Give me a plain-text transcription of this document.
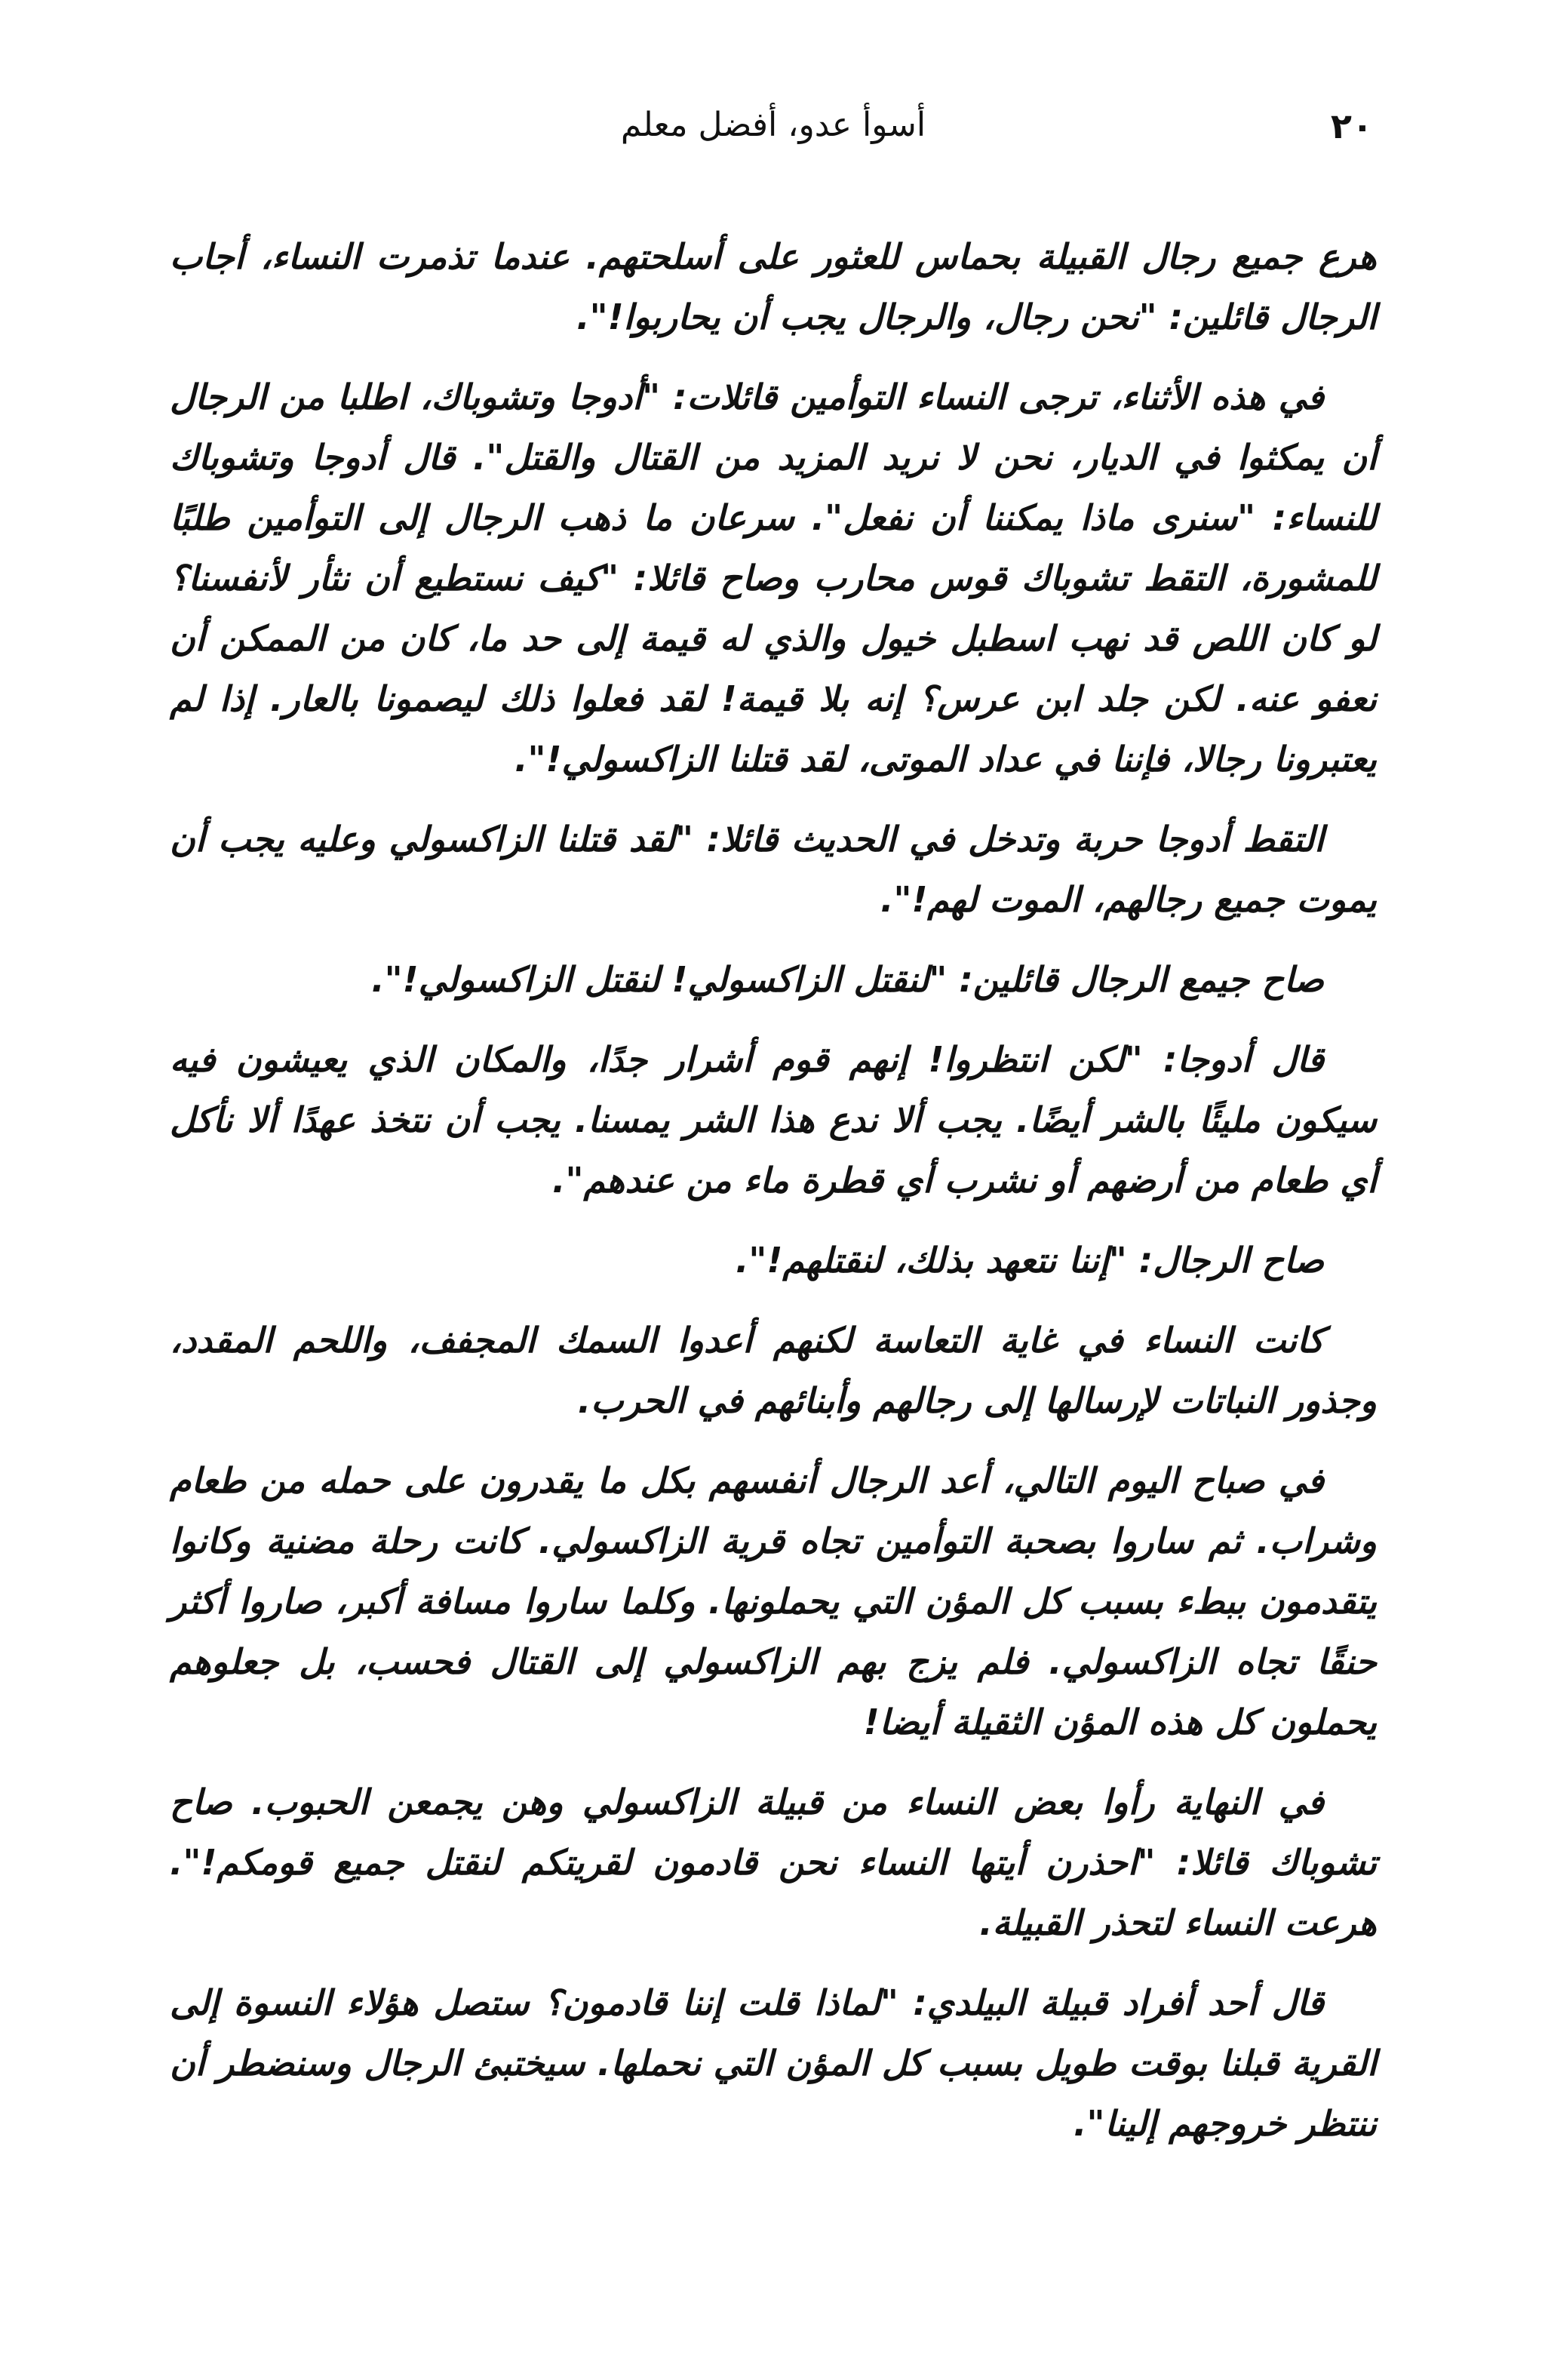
٢٠
أسوأ عدو، أفضل معلم

هرع جميع رجال القبيلة بحماس للعثور على أسلحتهم. عندما تذمرت النساء، أجاب الرجال قائلين: "نحن رجال، والرجال يجب أن يحاربوا!".

في هذه الأثناء، ترجى النساء التوأمين قائلات: "أدوجا وتشوباك، اطلبا من الرجال أن يمكثوا في الديار، نحن لا نريد المزيد من القتال والقتل". قال أدوجا وتشوباك للنساء: "سنرى ماذا يمكننا أن نفعل". سرعان ما ذهب الرجال إلى التوأمين طلبًا للمشورة، التقط تشوباك قوس محارب وصاح قائلا: "كيف نستطيع أن نثأر لأنفسنا؟ لو كان اللص قد نهب اسطبل خيول والذي له قيمة إلى حد ما، كان من الممكن أن نعفو عنه. لكن جلد ابن عرس؟ إنه بلا قيمة! لقد فعلوا ذلك ليصمونا بالعار. إذا لم يعتبرونا رجالا، فإننا في عداد الموتى، لقد قتلنا الزاكسولي!".

التقط أدوجا حربة وتدخل في الحديث قائلا: "لقد قتلنا الزاكسولي وعليه يجب أن يموت جميع رجالهم، الموت لهم!".

صاح جيمع الرجال قائلين: "لنقتل الزاكسولي! لنقتل الزاكسولي!".

قال أدوجا: "لكن انتظروا! إنهم قوم أشرار جدًا، والمكان الذي يعيشون فيه سيكون مليئًا بالشر أيضًا. يجب ألا ندع هذا الشر يمسنا. يجب أن نتخذ عهدًا ألا نأكل أي طعام من أرضهم أو نشرب أي قطرة ماء من عندهم".

صاح الرجال: "إننا نتعهد بذلك، لنقتلهم!".

كانت النساء في غاية التعاسة لكنهم أعدوا السمك المجفف، واللحم المقدد، وجذور النباتات لإرسالها إلى رجالهم وأبنائهم في الحرب.

في صباح اليوم التالي، أعد الرجال أنفسهم بكل ما يقدرون على حمله من طعام وشراب. ثم ساروا بصحبة التوأمين تجاه قرية الزاكسولي. كانت رحلة مضنية وكانوا يتقدمون ببطء بسبب كل المؤن التي يحملونها. وكلما ساروا مسافة أكبر، صاروا أكثر حنقًا تجاه الزاكسولي. فلم يزج بهم الزاكسولي إلى القتال فحسب، بل جعلوهم يحملون كل هذه المؤن الثقيلة أيضا!

في النهاية رأوا بعض النساء من قبيلة الزاكسولي وهن يجمعن الحبوب. صاح تشوباك قائلا: "احذرن أيتها النساء نحن قادمون لقريتكم لنقتل جميع قومكم!". هرعت النساء لتحذر القبيلة.

قال أحد أفراد قبيلة البيلدي: "لماذا قلت إننا قادمون؟ ستصل هؤلاء النسوة إلى القرية قبلنا بوقت طويل بسبب كل المؤن التي نحملها. سيختبئ الرجال وسنضطر أن ننتظر خروجهم إلينا".
